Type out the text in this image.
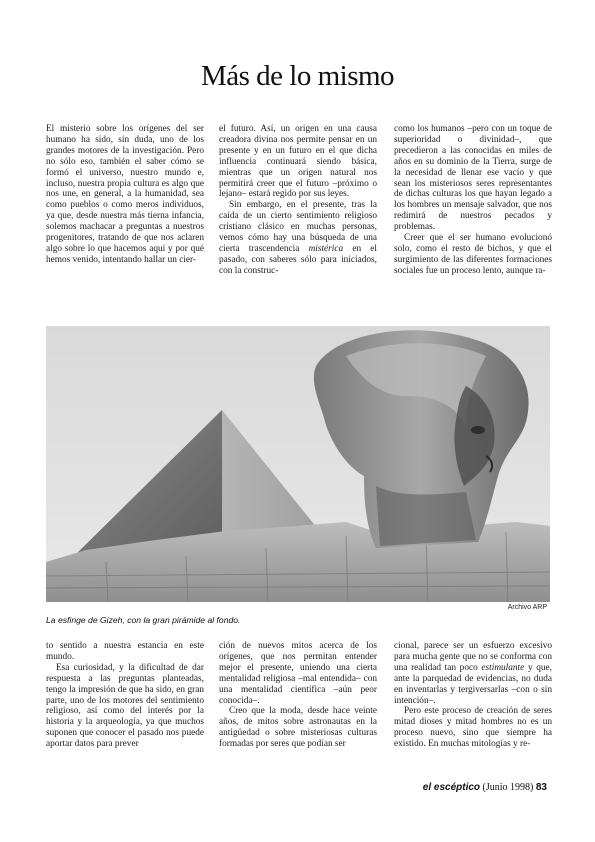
Más de lo mismo
El misterio sobre los orígenes del ser humano ha sido, sin duda, uno de los grandes motores de la investigación. Pero no sólo eso, también el saber cómo se formó el universo, nuestro mundo e, incluso, nuestra propia cultura es algo que nos une, en general, a la humanidad, sea como pueblos o como meros individuos, ya que, desde nuestra más tierna infancia, solemos machacar a preguntas a nuestros progenitores, tratando de que nos aclaren algo sobre lo que hacemos aquí y por qué hemos venido, intentando hallar un cier-
el futuro. Así, un origen en una causa creadora divina nos permite pensar en un presente y en un futuro en el que dicha influencia continuará siendo básica, mientras que un origen natural nos permitirá creer que el futuro –próximo o lejano– estará regido por sus leyes.
Sin embargo, en el presente, tras la caída de un cierto sentimiento religioso cristiano clásico en muchas personas, vemos cómo hay una búsqueda de una cierta trascendencia mistérica en el pasado, con saberes sólo para iniciados, con la construc-
como los humanos –pero con un toque de superioridad o divinidad–, que precedieron a las conocidas en miles de años en su dominio de la Tierra, surge de la necesidad de llenar ese vacío y que sean los misteriosos seres representantes de dichas culturas los que hayan legado a los hombres un mensaje salvador, que nos redimirá de nuestros pecados y problemas.
Creer que el ser humano evolucionó solo, como el resto de bichos, y que el surgimiento de las diferentes formaciones sociales fue un proceso lento, aunque ra-
Archivo ARP
La esfinge de Gizeh, con la gran pirámide al fondo.
to sentido a nuestra estancia en este mundo.
Esa curiosidad, y la dificultad de dar respuesta a las preguntas planteadas, tengo la impresión de que ha sido, en gran parte, uno de los motores del sentimiento religioso, así como del interés por la historia y la arqueología, ya que muchos suponen que conocer el pasado nos puede aportar datos para prever
ción de nuevos mitos acerca de los orígenes, que nos permitan entender mejor el presente, uniendo una cierta mentalidad religiosa –mal entendida– con una mentalidad científica –aún peor conocida–.
Creo que la moda, desde hace veinte años, de mitos sobre astronautas en la antigüedad o sobre misteriosas culturas formadas por seres que podían ser
cional, parece ser un esfuerzo excesivo para mucha gente que no se conforma con una realidad tan poco estimulante y que, ante la parquedad de evidencias, no duda en inventarlas y tergiversarlas –con o sin intención–.
Pero este proceso de creación de seres mitad dioses y mitad hombres no es un proceso nuevo, sino que siempre ha existido. En muchas mitologías y re-
el escéptico (Junio 1998) 83
